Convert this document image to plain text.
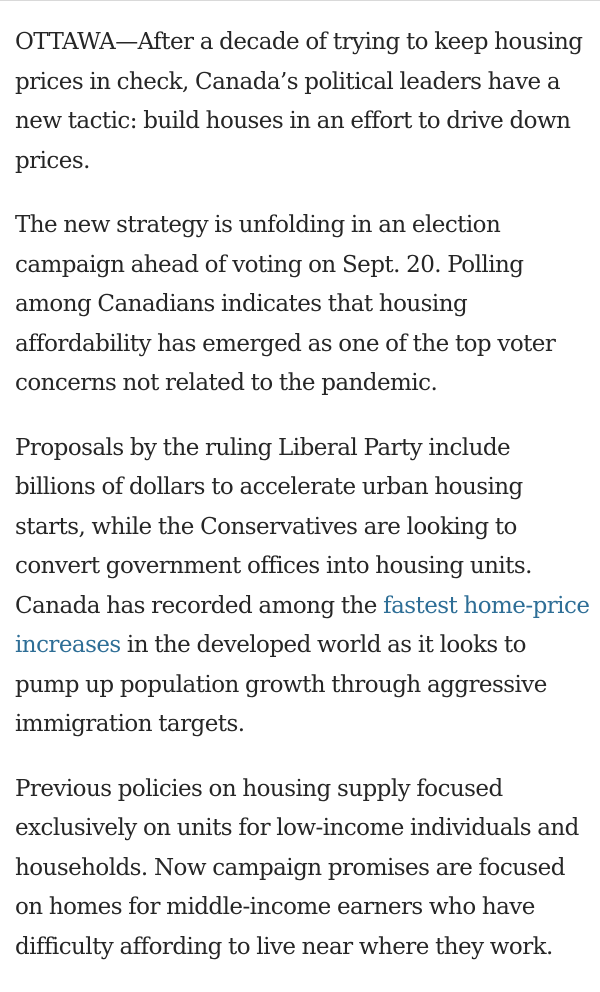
OTTAWA—After a decade of trying to keep housing prices in check, Canada’s political leaders have a new tactic: build houses in an effort to drive down prices.

The new strategy is unfolding in an election campaign ahead of voting on Sept. 20. Polling among Canadians indicates that housing affordability has emerged as one of the top voter concerns not related to the pandemic.

Proposals by the ruling Liberal Party include billions of dollars to accelerate urban housing starts, while the Conservatives are looking to convert government offices into housing units. Canada has recorded among the fastest home-price increases in the developed world as it looks to pump up population growth through aggressive immigration targets.

Previous policies on housing supply focused exclusively on units for low-income individuals and households. Now campaign promises are focused on homes for middle-income earners who have difficulty affording to live near where they work.
